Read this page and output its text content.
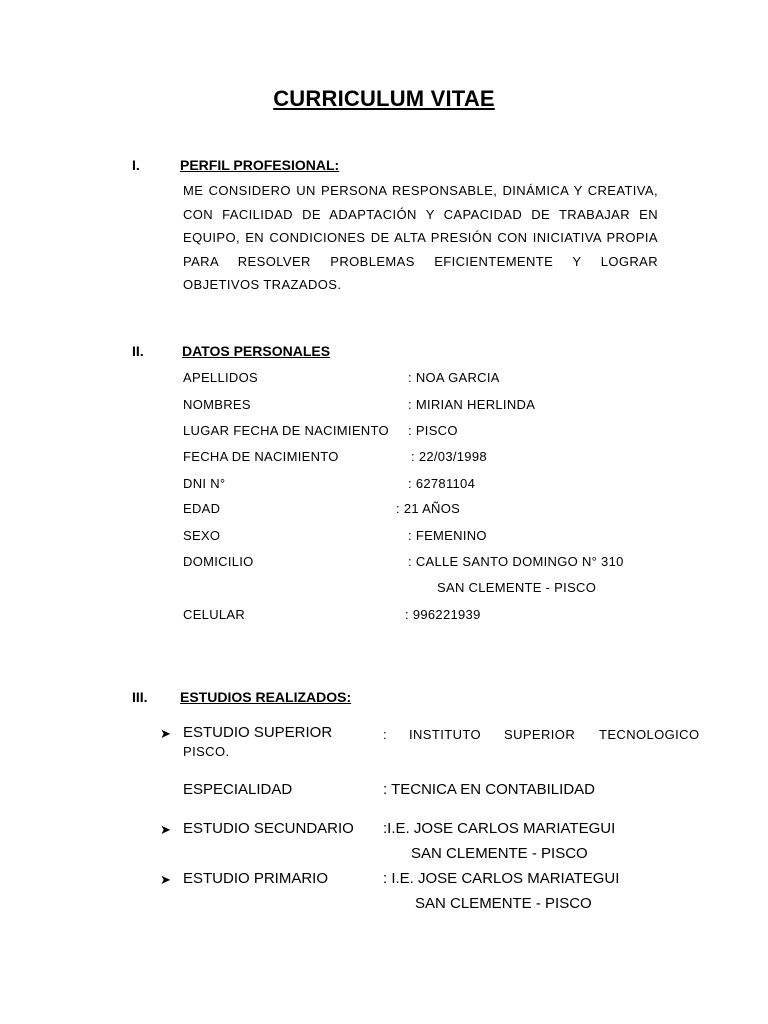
CURRICULUM VITAE
I.	PERFIL PROFESIONAL:
ME CONSIDERO UN PERSONA RESPONSABLE, DINÁMICA Y CREATIVA, CON FACILIDAD DE ADAPTACIÓN Y CAPACIDAD DE TRABAJAR EN EQUIPO, EN CONDICIONES DE ALTA PRESIÓN CON INICIATIVA PROPIA PARA RESOLVER PROBLEMAS EFICIENTEMENTE Y LOGRAR OBJETIVOS TRAZADOS.
II.	DATOS PERSONALES
APELLIDOS	: NOA GARCIA
NOMBRES	: MIRIAN HERLINDA
LUGAR FECHA DE NACIMIENTO : PISCO
FECHA DE NACIMIENTO	: 22/03/1998
DNI N°	: 62781104
EDAD	: 21 AÑOS
SEXO	: FEMENINO
DOMICILIO	: CALLE SANTO DOMINGO N° 310
SAN CLEMENTE - PISCO
CELULAR	: 996221939
III. ESTUDIOS REALIZADOS:
➤ ESTUDIO SUPERIOR	: INSTITUTO SUPERIOR TECNOLOGICO
PISCO.
ESPECIALIDAD	: TECNICA EN CONTABILIDAD
➤ ESTUDIO SECUNDARIO :I.E. JOSE CARLOS MARIATEGUI
SAN CLEMENTE - PISCO
➤ ESTUDIO PRIMARIO	: I.E. JOSE CARLOS MARIATEGUI
SAN CLEMENTE - PISCO
